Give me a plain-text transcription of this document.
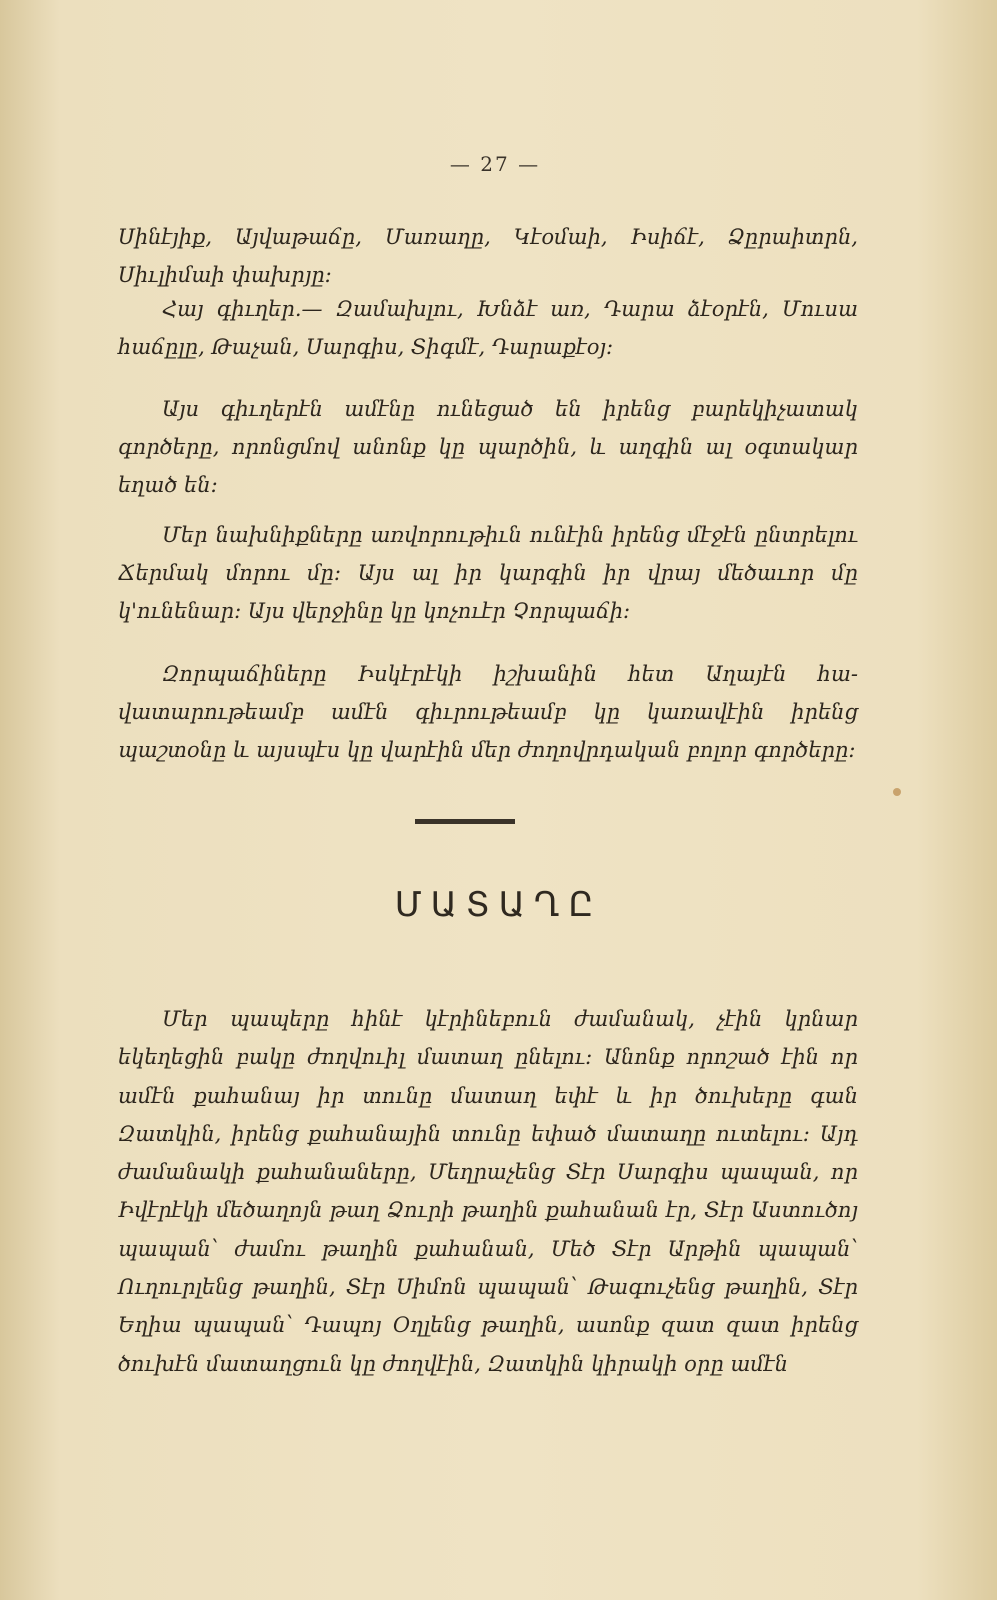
— 27 —

Սինէյիք, Այվաթաճը, Մառաղը, Կէօմաի, Իսիճէ, Ձըրաիտրն, Սիւլիմաի փախրյը։

Հայ գիւղեր.— Զամախլու, Խնձէ առ, Դարա ձէօրէն, Մուսա հաճըլը, Թաչան, Սարգիս, Տիգմէ, Դարաքէօյ։

Այս գիւղերէն ամէնը ունեցած են իրենց բարեկիչատակ գործերը, որոնցմով անոնք կը պարծին, և աղգին ալ օգտակար եղած են։

Մեր նախնիքները առվորութիւն ունէին իրենց մէջէն ընտրելու Ճերմակ մորու մը։ Այս ալ իր կարգին իր վրայ մեծաւոր մը կ'ունենար։ Այս վերջինը կը կոչուէր Չորպաճի։

Զորպաճիները Իսկէրէկի իշխանին հետ Աղայէն հավատարութեամբ ամէն գիւրութեամբ կը կառավէին իրենց պաշտօնը և այսպէս կը վարէին մեր ժողովրդական բոլոր գործերը։

ՄԱՏԱՂԸ

Մեր պապերը հինէ կէրինեբուն ժամանակ, չէին կրնար եկեղեցին բակը ժողվուիլ մատաղ ընելու։ Անոնք որոշած էին որ ամէն քահանայ իր տունը մատաղ եփէ և իր ծուխերը գան Զատկին, իրենց քահանային տունը եփած մատաղը ուտելու։ Այդ ժամանակի քահանաները, Մեղրաչենց Տէր Սարգիս պապան, որ Իվէրէկի մեծաղոյն թաղ Ձուրի թաղին քահանան էր, Տէր Աստուծոյ պապան՝ ժամու թաղին քահանան, Մեծ Տէր Արթին պապան՝ Ուղուրլենց թաղին, Տէր Սիմոն պապան՝ Թագուչենց թաղին, Տէր Եղիա պապան՝ Դապոյ Օղլենց թաղին, ասոնք զատ զատ իրենց ծուխէն մատաղցուն կը ժողվէին, Զատկին կիրակի օրը ամէն
